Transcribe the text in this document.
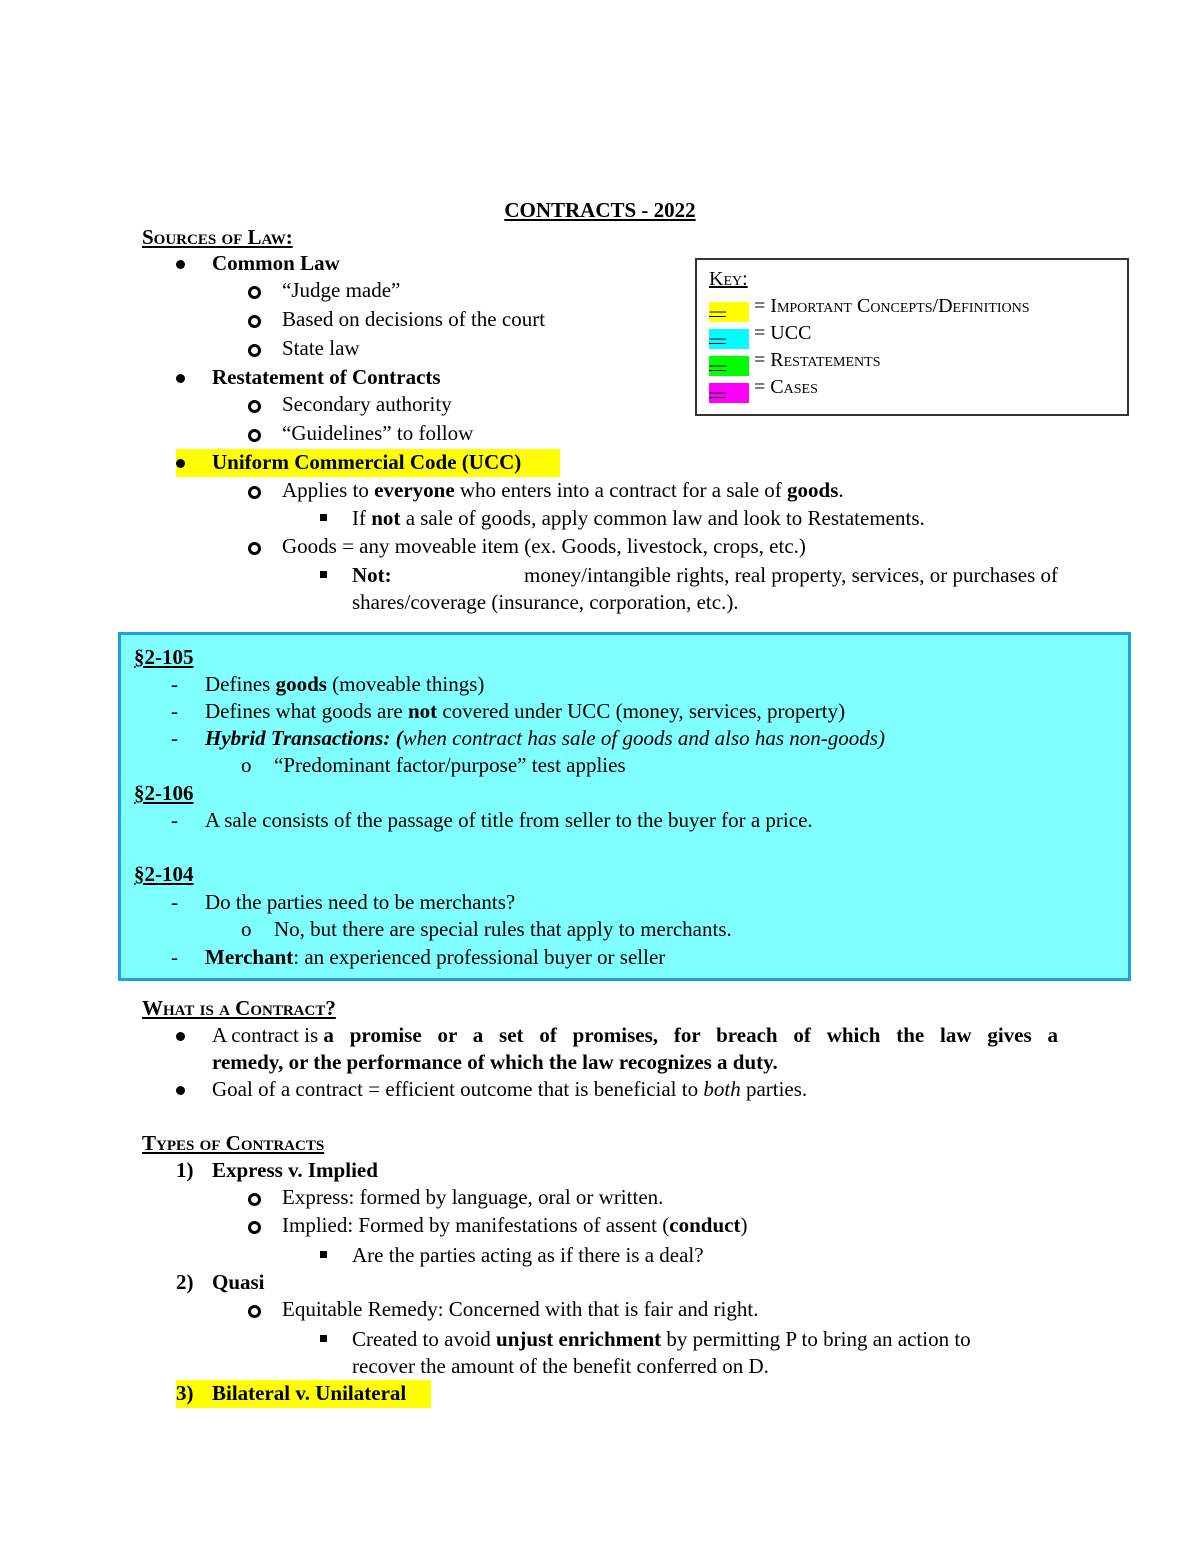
CONTRACTS - 2022
Sources of Law:
Common Law
“Judge made”
Based on decisions of the court
State law
Restatement of Contracts
Secondary authority
“Guidelines” to follow
Uniform Commercial Code (UCC)
Applies to everyone who enters into a contract for a sale of goods.
If not a sale of goods, apply common law and look to Restatements.
Goods = any moveable item (ex. Goods, livestock, crops, etc.)
Not:	money/intangible rights, real property, services, or purchases of
shares/coverage (insurance, corporation, etc.).
Key:
----- = Important Concepts/Definitions
----- = UCC
----- = Restatements
----- = Cases
§2-105
- Defines goods (moveable things)
- Defines what goods are not covered under UCC (money, services, property)
- Hybrid Transactions: (when contract has sale of goods and also has non-goods)
o “Predominant factor/purpose” test applies
§2-106
- A sale consists of the passage of title from seller to the buyer for a price.
§2-104
- Do the parties need to be merchants?
o No, but there are special rules that apply to merchants.
- Merchant: an experienced professional buyer or seller
What is a Contract?
A contract is a promise or a set of promises, for breach of which the law gives a
remedy, or the performance of which the law recognizes a duty.
Goal of a contract = efficient outcome that is beneficial to both parties.
Types of Contracts
1) Express v. Implied
Express: formed by language, oral or written.
Implied: Formed by manifestations of assent (conduct)
Are the parties acting as if there is a deal?
2) Quasi
Equitable Remedy: Concerned with that is fair and right.
Created to avoid unjust enrichment by permitting P to bring an action to
recover the amount of the benefit conferred on D.
3) Bilateral v. Unilateral
